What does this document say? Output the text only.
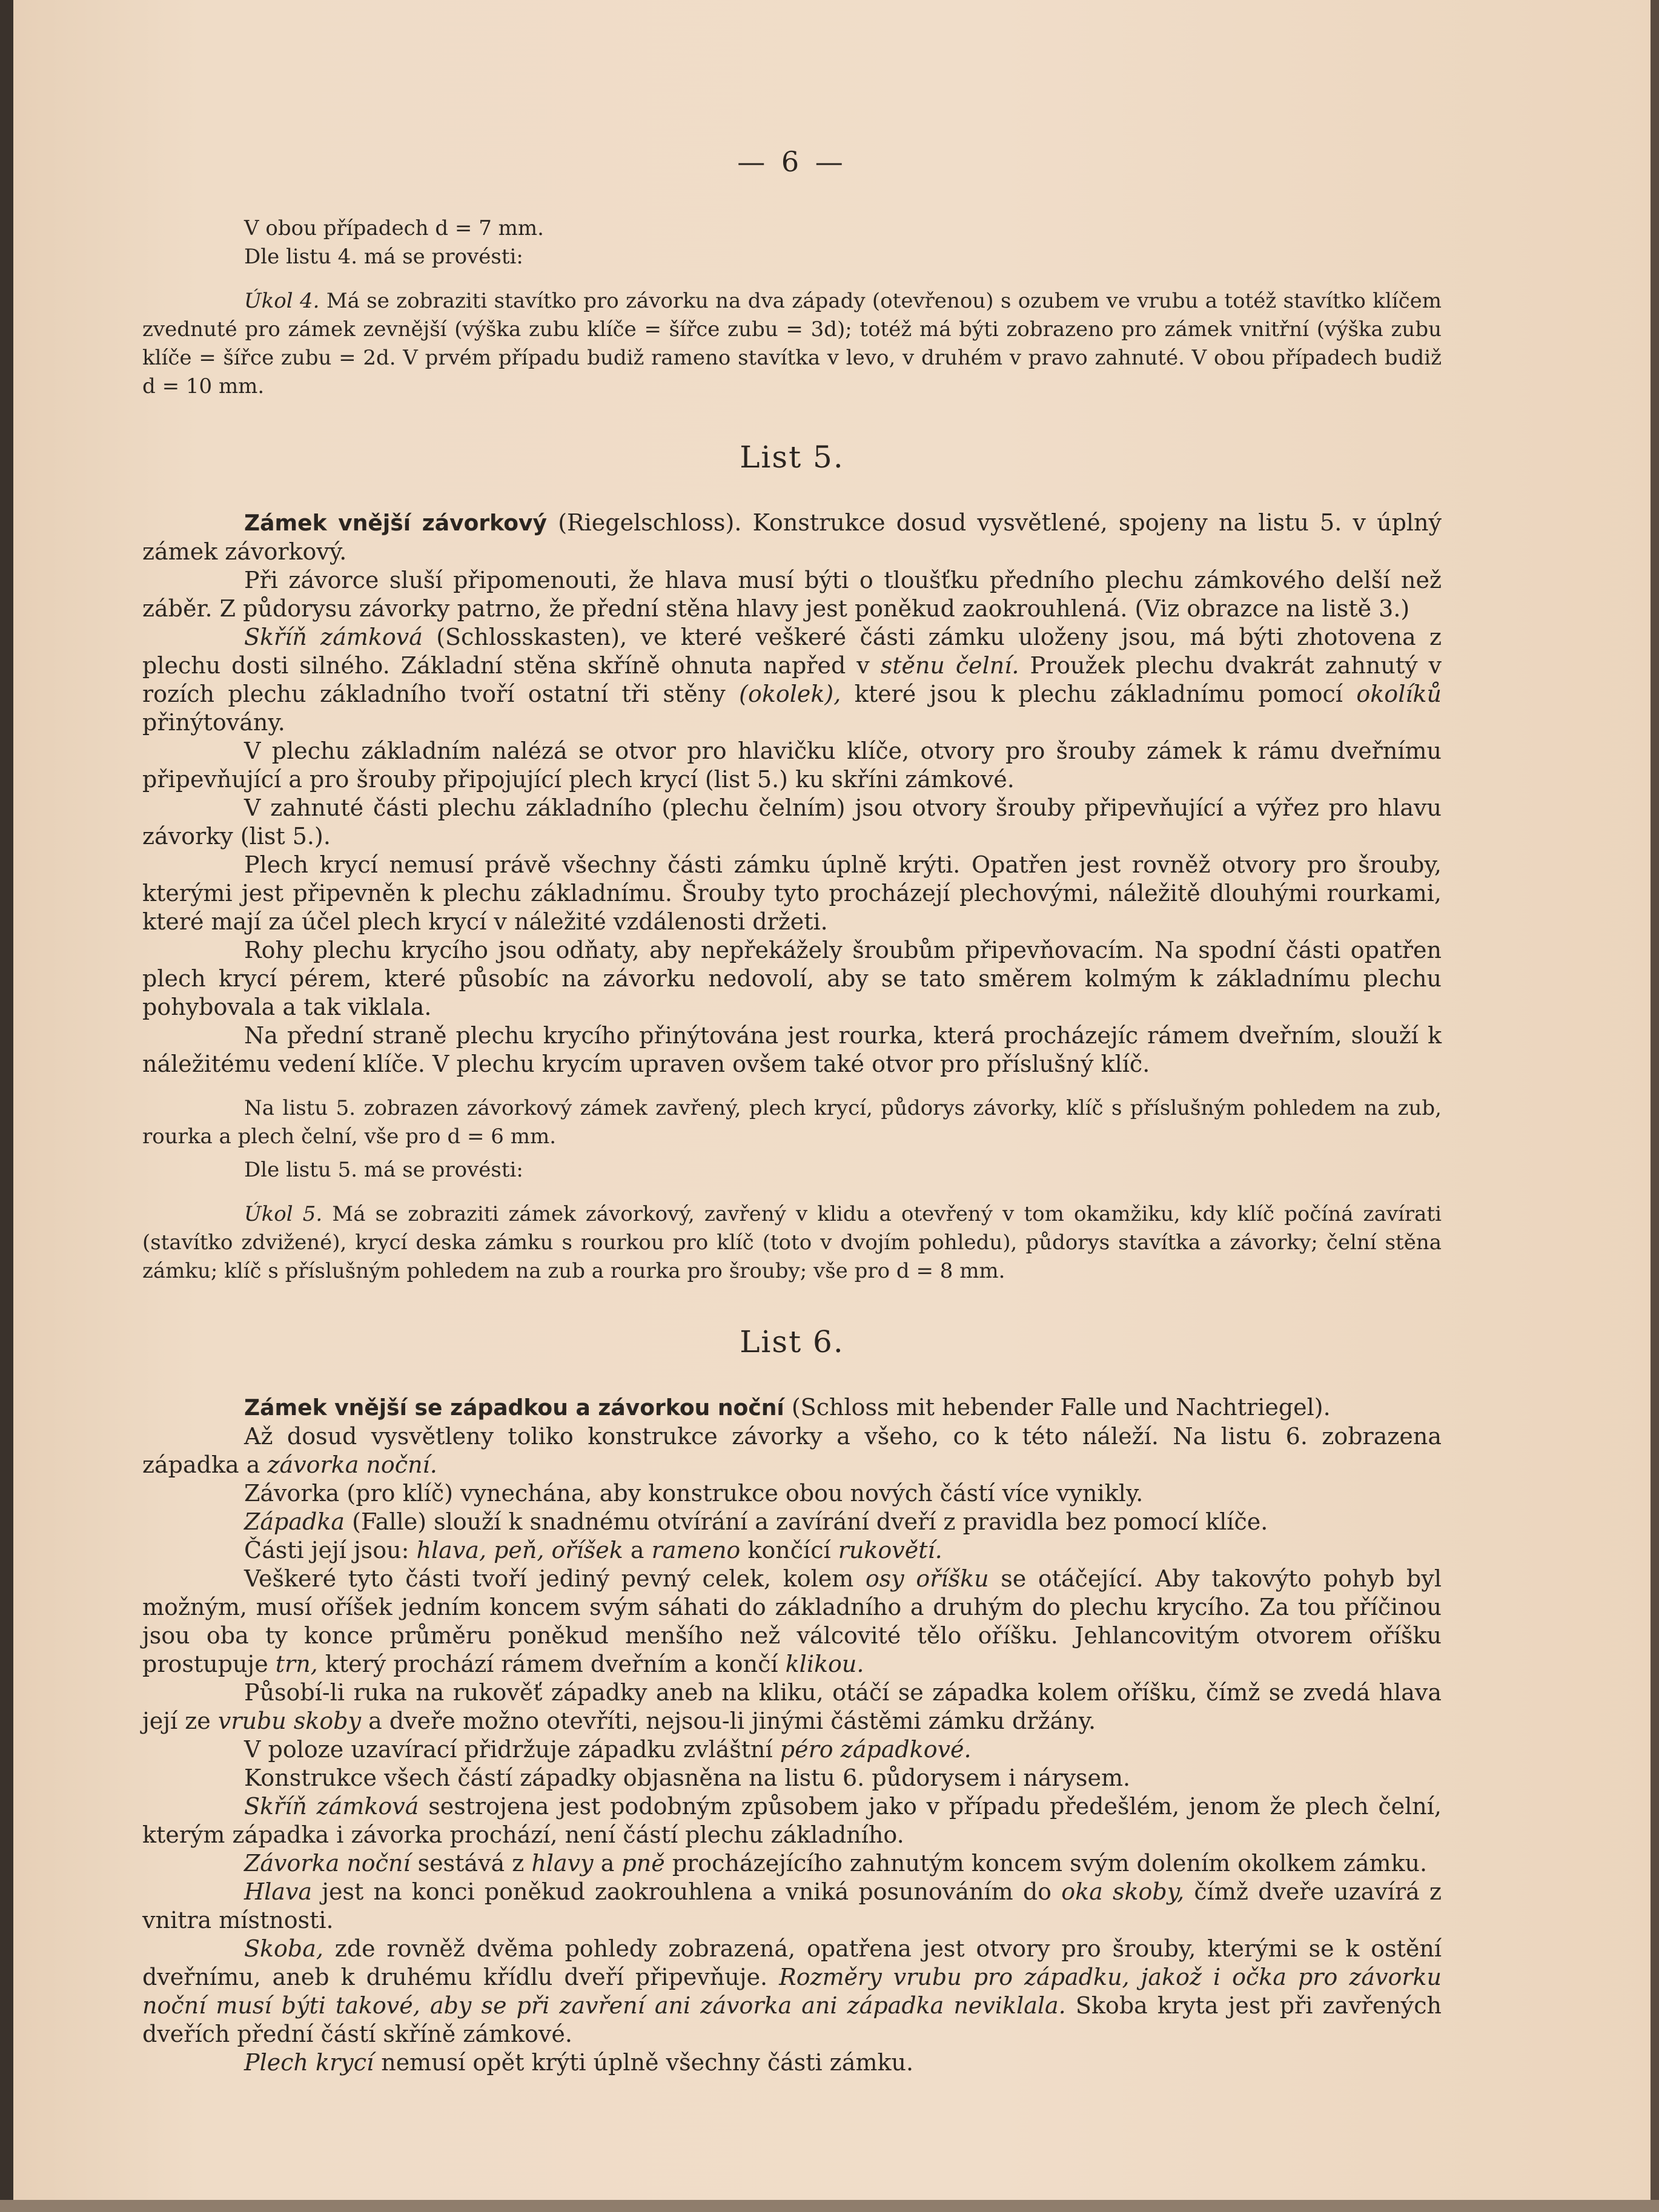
— 6 —

V obou případech d = 7 mm.

Dle listu 4. má se provésti:

Úkol 4. Má se zobraziti stavítko pro závorku na dva západy (otevřenou) s ozubem ve vrubu a totéž stavítko klíčem zvednuté pro zámek zevnější (výška zubu klíče = šířce zubu = 3d); totéž má býti zobrazeno pro zámek vnitřní (výška zubu klíče = šířce zubu = 2d. V prvém případu budiž rameno stavítka v levo, v druhém v pravo zahnuté. V obou případech budiž d = 10 mm.

List 5.

Zámek vnější závorkový (Riegelschloss). Konstrukce dosud vysvětlené, spojeny na listu 5. v úplný zámek závorkový.

Při závorce sluší připomenouti, že hlava musí býti o tloušťku předního plechu zámkového delší než záběr. Z půdorysu závorky patrno, že přední stěna hlavy jest poněkud zaokrouhlená. (Viz obrazce na listě 3.)

Skříň zámková (Schlosskasten), ve které veškeré části zámku uloženy jsou, má býti zhotovena z plechu dosti silného. Základní stěna skříně ohnuta napřed v stěnu čelní. Proužek plechu dvakrát zahnutý v rozích plechu základního tvoří ostatní tři stěny (okolek), které jsou k plechu základnímu pomocí okolíků přinýtovány.

V plechu základním nalézá se otvor pro hlavičku klíče, otvory pro šrouby zámek k rámu dveřnímu připevňující a pro šrouby připojující plech krycí (list 5.) ku skříni zámkové.

V zahnuté části plechu základního (plechu čelním) jsou otvory šrouby připevňující a výřez pro hlavu závorky (list 5.).

Plech krycí nemusí právě všechny části zámku úplně krýti. Opatřen jest rovněž otvory pro šrouby, kterými jest připevněn k plechu základnímu. Šrouby tyto procházejí plechovými, náležitě dlouhými rourkami, které mají za účel plech krycí v náležité vzdálenosti držeti.

Rohy plechu krycího jsou odňaty, aby nepřekážely šroubům připevňovacím. Na spodní části opatřen plech krycí pérem, které působíc na závorku nedovolí, aby se tato směrem kolmým k základnímu plechu pohybovala a tak viklala.

Na přední straně plechu krycího přinýtována jest rourka, která procházejíc rámem dveřním, slouží k náležitému vedení klíče. V plechu krycím upraven ovšem také otvor pro příslušný klíč.

Na listu 5. zobrazen závorkový zámek zavřený, plech krycí, půdorys závorky, klíč s příslušným pohledem na zub, rourka a plech čelní, vše pro d = 6 mm.

Dle listu 5. má se provésti:

Úkol 5. Má se zobraziti zámek závorkový, zavřený v klidu a otevřený v tom okamžiku, kdy klíč počíná zavírati (stavítko zdvižené), krycí deska zámku s rourkou pro klíč (toto v dvojím pohledu), půdorys stavítka a závorky; čelní stěna zámku; klíč s příslušným pohledem na zub a rourka pro šrouby; vše pro d = 8 mm.

List 6.

Zámek vnější se západkou a závorkou noční (Schloss mit hebender Falle und Nachtriegel).

Až dosud vysvětleny toliko konstrukce závorky a všeho, co k této náleží. Na listu 6. zobrazena západka a závorka noční.

Závorka (pro klíč) vynechána, aby konstrukce obou nových částí více vynikly.

Západka (Falle) slouží k snadnému otvírání a zavírání dveří z pravidla bez pomocí klíče.

Části její jsou: hlava, peň, oříšek a rameno končící rukovětí.

Veškeré tyto části tvoří jediný pevný celek, kolem osy oříšku se otáčející. Aby takovýto pohyb byl možným, musí oříšek jedním koncem svým sáhati do základního a druhým do plechu krycího. Za tou příčinou jsou oba ty konce průměru poněkud menšího než válcovité tělo oříšku. Jehlancovitým otvorem oříšku prostupuje trn, který prochází rámem dveřním a končí klikou.

Působí-li ruka na rukověť západky aneb na kliku, otáčí se západka kolem oříšku, čímž se zvedá hlava její ze vrubu skoby a dveře možno otevříti, nejsou-li jinými částěmi zámku držány.

V poloze uzavírací přidržuje západku zvláštní péro západkové.

Konstrukce všech částí západky objasněna na listu 6. půdorysem i nárysem.

Skříň zámková sestrojena jest podobným způsobem jako v případu předešlém, jenom že plech čelní, kterým západka i závorka prochází, není částí plechu základního.

Závorka noční sestává z hlavy a pně procházejícího zahnutým koncem svým dolením okolkem zámku.

Hlava jest na konci poněkud zaokrouhlena a vniká posunováním do oka skoby, čímž dveře uzavírá z vnitra místnosti.

Skoba, zde rovněž dvěma pohledy zobrazená, opatřena jest otvory pro šrouby, kterými se k ostění dveřnímu, aneb k druhému křídlu dveří připevňuje. Rozměry vrubu pro západku, jakož i očka pro závorku noční musí býti takové, aby se při zavření ani závorka ani západka neviklala. Skoba kryta jest při zavřených dveřích přední částí skříně zámkové.

Plech krycí nemusí opět krýti úplně všechny části zámku.
